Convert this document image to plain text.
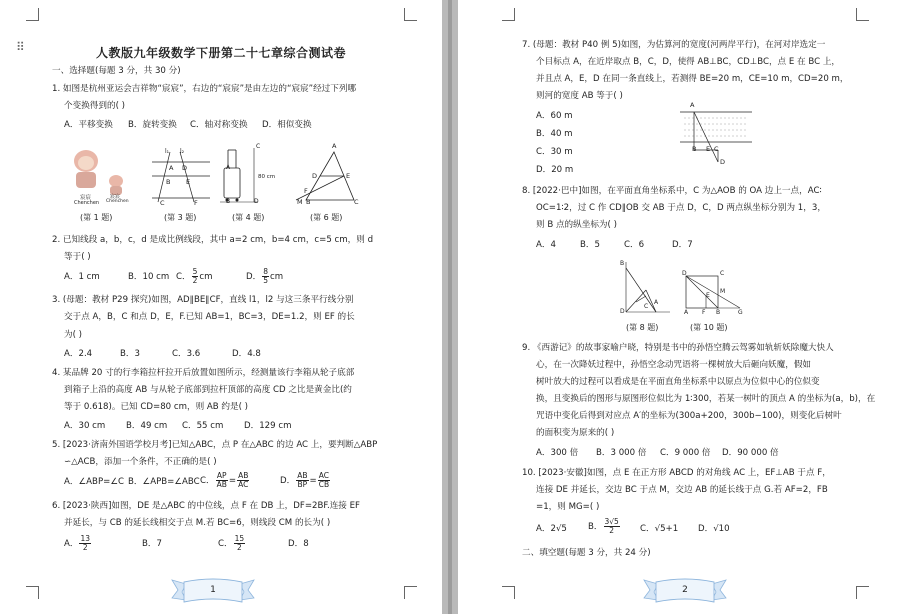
⠿	人教版九年级数学下册第二十七章综合测试卷
一、选择题(每题 3 分，共 30 分)
1. 如图是杭州亚运会吉祥物“宸宸”，右边的“宸宸”是由左边的“宸宸”经过下列哪
个变换得到的( )
A．平移变换 B．旋转变换 C．轴对称变换 D．相似变换
宸宸
Chenchen
宸宸
Chenchen
l₁ l₂
A D
B E
C	F
C
80 cm
A
B	D
A
D	E
F
M B	C
(第 1 题)	(第 3 题)	(第 4 题)	(第 6 题)
2. 已知线段 a，b，c，d 是成比例线段，其中 a=2 cm，b=4 cm，c=5 cm，则 d
等于( )
A．1 cm	B．10 cm C． $\frac{5}{2}$ cm	D． $\frac{8}{5}$ cm
3. (母题：教材 P29 探究)如图，AD∥BE∥CF，直线 l1，l2 与这三条平行线分别
交于点 A，B，C 和点 D，E，F.已知 AB=1，BC=3，DE=1.2，则 EF 的长
为( )
A．2.4	B．3	C．3.6	D．4.8
4. 某品牌 20 寸的行李箱拉杆拉开后放置如图所示，经测量该行李箱从轮子底部
到箱子上沿的高度 AB 与从轮子底部到拉杆顶部的高度 CD 之比是黄金比(约
等于 0.618)。已知 CD=80 cm，则 AB 约是( )
A．30 cm B．49 cm C．55 cm D．129 cm
5. [2023·济南外国语学校月考]已知△ABC，点 P 在△ABC 的边 AC 上，要判断△ABP
∽△ACB，添加一个条件，不正确的是( )
A．∠ABP=∠C B．∠APB=∠ABC C． $\frac{AP}{AB} = \frac{AB}{AC}$	D． $\frac{AB}{BP} = \frac{AC}{CB}$
6. [2023·陕西]如图，DE 是△ABC 的中位线，点 F 在 DB 上，DF=2BF.连接 EF
并延长，与 CB 的延长线相交于点 M.若 BC=6，则线段 CM 的长为( )
A． $\frac{13}{2}$	B．7	C． $\frac{15}{2}$	D．8
1
7. (母题：教材 P40 例 5)如图，为估算河的宽度(河两岸平行)，在河对岸选定一
个目标点 A，在近岸取点 B，C，D，使得 AB⊥BC，CD⊥BC，点 E 在 BC 上，
并且点 A，E，D 在同一条直线上，若测得 BE=20 m，CE=10 m，CD=20 m，
则河的宽度 AB 等于( )
A．60 m
B．40 m
C．30 m
D．20 m
A
B E C
D
8. [2022·巴中]如图，在平面直角坐标系中，C 为△AOB 的 OA 边上一点，AC∶
OC=1∶2，过 C 作 CD∥OB 交 AB 于点 D，C，D 两点纵坐标分别为 1，3，
则 B 点的纵坐标为( )
A．4	B．5	C．6	D．7
B
D
A
C
D	C
M
E
A F B	G
(第 8 题)	(第 10 题)
9. 《西游记》的故事家喻户晓，特别是书中的孙悟空腾云驾雾如轨斩妖除魔大快人
心，在一次降妖过程中，孙悟空念动咒语将一棵树放大后砸向妖魔，假如
树叶放大的过程可以看成是在平面直角坐标系中以原点为位似中心的位似变
换，且变换后的图形与原图形位似比为 1∶300，若某一树叶的顶点 A 的坐标为(a，b)，在
咒语中变化后得到对应点 A′的坐标为(300a+200，300b−100)，则变化后树叶
的面积变为原来的( )
A．300 倍 B．3 000 倍 C．9 000 倍 D．90 000 倍
10. [2023·安徽]如图，点 E 在正方形 ABCD 的对角线 AC 上，EF⊥AB 于点 F，
连接 DE 并延长，交边 BC 于点 M，交边 AB 的延长线于点 G.若 AF=2，FB
=1，则 MG=( )
A．2√5 B． $\frac{3√5}{2}$ C．√5+1 D．√10
二、填空题(每题 3 分，共 24 分)
2
